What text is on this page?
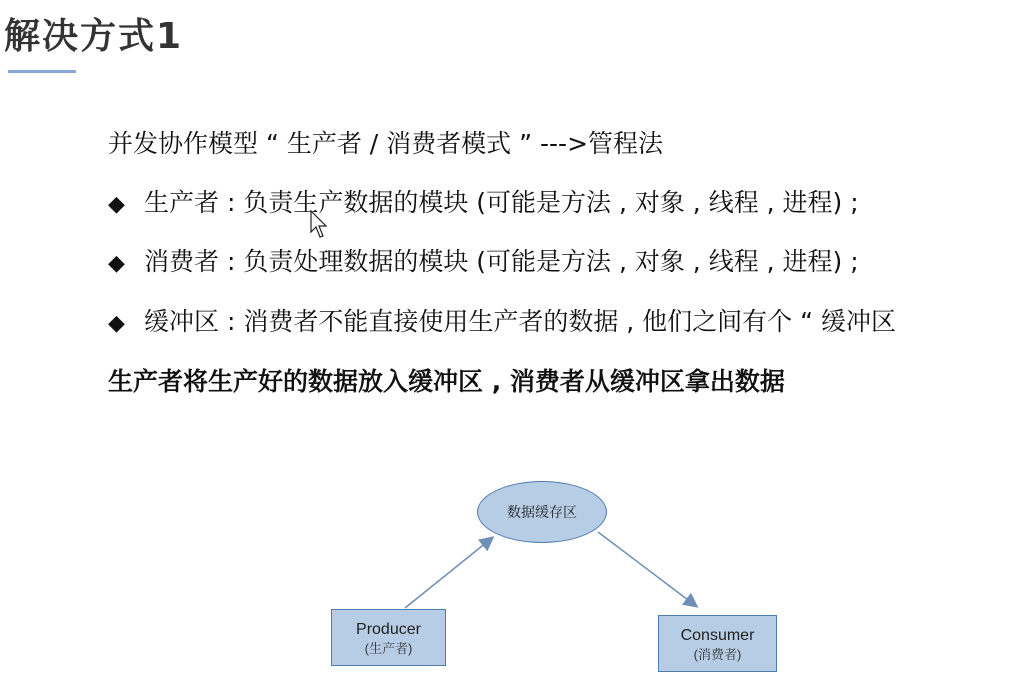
解决方式1
并发协作模型 “ 生产者 / 消费者模式 ” --->管程法
◆ 生产者 : 负责生产数据的模块 (可能是方法 , 对象 , 线程 , 进程) ;
◆ 消费者 : 负责处理数据的模块 (可能是方法 , 对象 , 线程 , 进程) ;
◆ 缓冲区 : 消费者不能直接使用生产者的数据 , 他们之间有个 “ 缓冲区
生产者将生产好的数据放入缓冲区 , 消费者从缓冲区拿出数据
数据缓存区
Producer
(生产者)
Consumer
(消费者)
